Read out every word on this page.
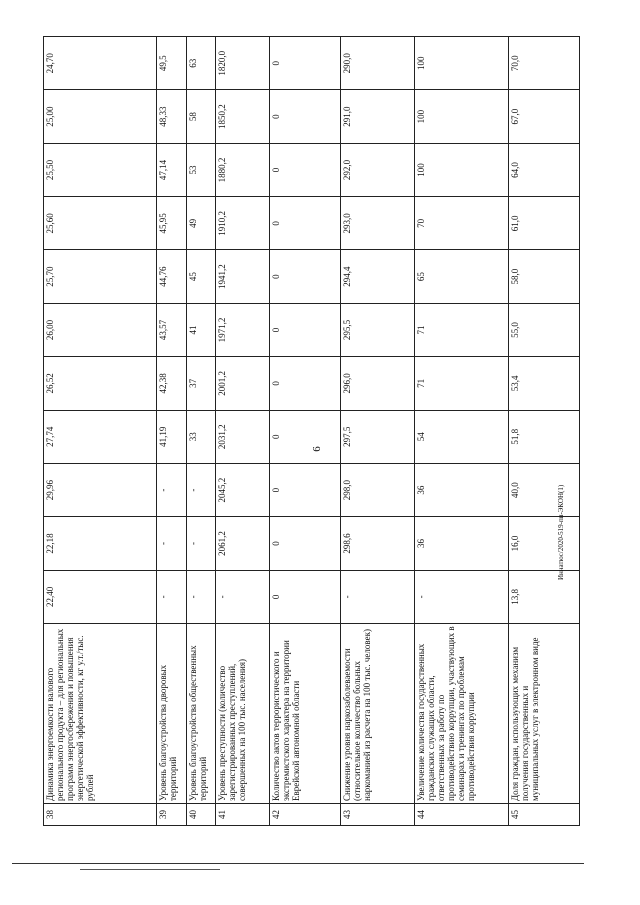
6
38	Динамика энергоемкости валового регионального продукта – для региональных программ энергосбережения и повышения энергетической эффективности, кг у.т./тыс. рублей	22,40	22,18	29,96	27,74	26,52	26,00	25,70	25,60	25,50	25,00	24,70
39	Уровень благоустройства дворовых территорий	-	-	-	41,19	42,38	43,57	44,76	45,95	47,14	48,33	49,5
40	Уровень благоустройства общественных территорий	-	-	-	33	37	41	45	49	53	58	63
41	Уровень преступности (количество зарегистрированных преступлений, совершенных на 100 тыс. населения)	-	2061,2	2045,2	2031,2	2001,2	1971,2	1941,2	1910,2	1880,2	1850,2	1820,0
42	Количество актов террористического и экстремистского характера на территории Еврейской автономной области	0	0	0	0	0	0	0	0	0	0	0
43	Снижение уровня наркозаболеваемости (относительное количество больных наркоманией из расчета на 100 тыс. человек)	-	298,6	298,0	297,5	296,0	295,5	294,4	293,0	292,0	291,0	290,0
44	Увеличение количества государственных гражданских служащих области, ответственных за работу по противодействию коррупции, участвующих в семинарах и тренингах по проблемам противодействия коррупции	-	36	36	54	71	71	65	70	100	100	100
45	Доля граждан, использующих механизм получения государственных и муниципальных услуг в электронном виде	13,8	16,0	40,0	51,8	53,4	55,0	58,0	61,0	64,0	67,0	70,0
Иннатюс/2020-519-пп-ЭКОН(1)
